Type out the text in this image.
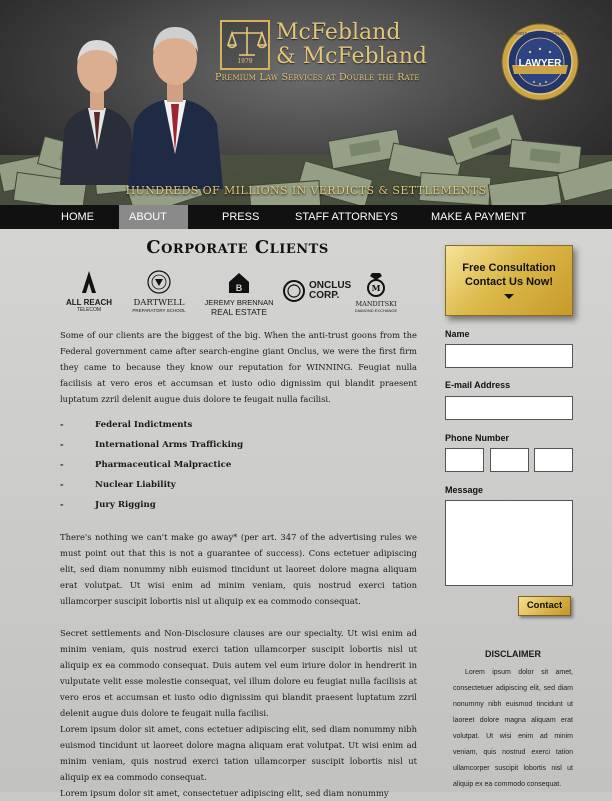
1979
McFebland
& McFebland
Premium Law Services at Double the Rate
LAWYER
HIGHLY PROFESSIONAL
HUNDREDS OF MILLIONS IN VERDICTS & SETTLEMENTS
HOME	ABOUT	PRESS	STAFF ATTORNEYS	MAKE A PAYMENT
Corporate Clients
ALL REACH
TELECOM
DARTWELL
PREPARATORY SCHOOL
B
JEREMY BRENNAN
REAL ESTATE
ONCLUS
CORP.
M
MANDITSKI
DIAMOND EXCHANGE

Some of our clients are the biggest of the big. When the anti-trust goons from the Federal government came after search-engine giant Onclus, we were the first firm they came to because they know our reputation for WINNING. Feugiat nulla facilisis at vero eros et accumsan et iusto odio dignissim qui blandit praesent luptatum zzril delenit augue duis dolore te feugait nulla facilisi.

-	Federal Indictments
-	International Arms Trafficking
-	Pharmaceutical Malpractice
-	Nuclear Liability
-	Jury Rigging

There's nothing we can't make go away* (per art. 347 of the advertising rules we must point out that this is not a guarantee of success). Cons ectetuer adipiscing elit, sed diam nonummy nibh euismod tincidunt ut laoreet dolore magna aliquam erat volutpat. Ut wisi enim ad minim veniam, quis nostrud exerci tation ullamcorper suscipit lobortis nisl ut aliquip ex ea commodo consequat.

Secret settlements and Non-Disclosure clauses are our specialty. Ut wisi enim ad minim veniam, quis nostrud exerci tation ullamcorper suscipit lobortis nisl ut aliquip ex ea commodo consequat. Duis autem vel eum iriure dolor in hendrerit in vulputate velit esse molestie consequat, vel illum dolore eu feugiat nulla facilisis at vero eros et accumsan et iusto odio dignissim qui blandit praesent luptatum zzril delenit augue duis dolore te feugait nulla facilisi.

Lorem ipsum dolor sit amet, cons ectetuer adipiscing elit, sed diam nonummy nibh euismod tincidunt ut laoreet dolore magna aliquam erat volutpat. Ut wisi enim ad minim veniam, quis nostrud exerci tation ullamcorper suscipit lobortis nisl ut aliquip ex ea commodo consequat.

Lorem ipsum dolor sit amet, consectetuer adipiscing elit, sed diam nonummy

Free Consultation
Contact Us Now!
Name
E-mail Address
Phone Number
Message
Contact
DISCLAIMER

Lorem ipsum dolor sit amet, consectetuer adipiscing elit, sed diam nonummy nibh euismod tincidunt ut laoreet dolore magna aliquam erat volutpat. Ut wisi enim ad minim veniam, quis nostrud exerci tation ullamcorper suscipit lobortis nisl ut aliquip ex ea commodo consequat.
